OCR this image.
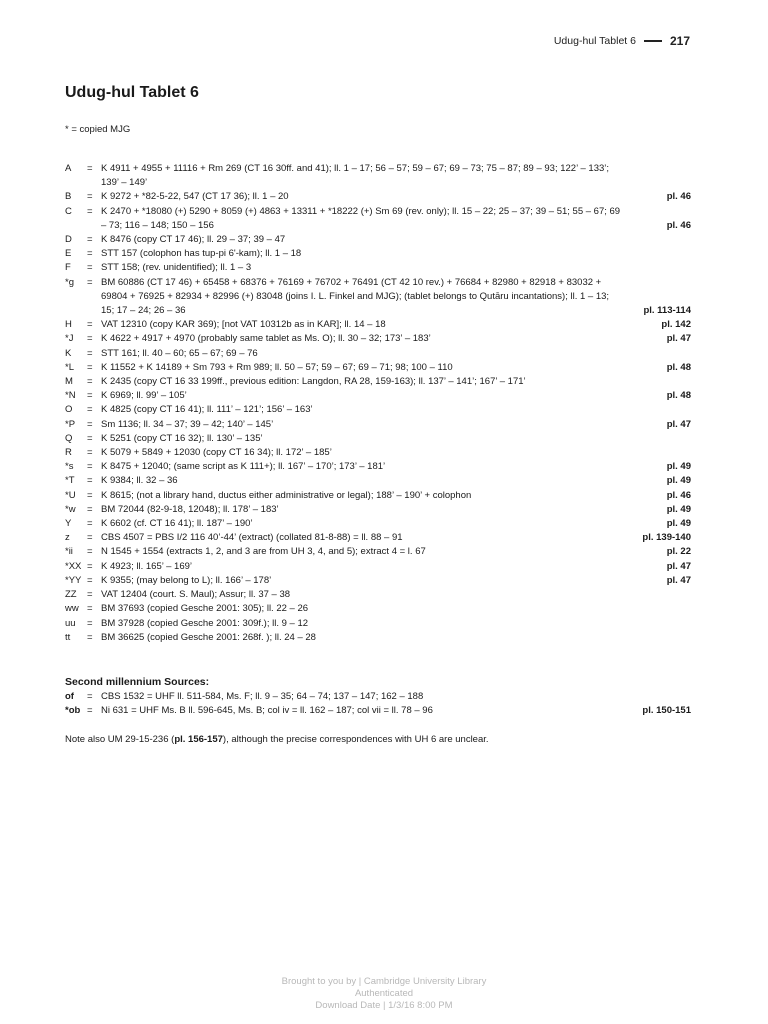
Udug-hul Tablet 6	217
Udug-hul Tablet 6
* = copied MJG
A	= K 4911 + 4955 + 11116 + Rm 269 (CT 16 30ff. and 41); ll. 1 – 17; 56 – 57; 59 – 67; 69 – 73; 75 – 87; 89 – 93; 122’ – 133’; 139’ – 149’
B	= K 9272 + *82-5-22, 547 (CT 17 36); ll. 1 – 20	pl. 46
C	= K 2470 + *18080 (+) 5290 + 8059 (+) 4863 + 13311 + *18222 (+) Sm 69 (rev. only); ll. 15 – 22; 25 – 37; 39 – 51; 55 – 67; 69 – 73; 116 – 148; 150 – 156	pl. 46
D	= K 8476 (copy CT 17 46); ll. 29 – 37; 39 – 47
E	= STT 157 (colophon has tup-pi 6ʹ-kam); ll. 1 – 18
F	= STT 158; (rev. unidentified); ll. 1 – 3
*g	= BM 60886 (CT 17 46) + 65458 + 68376 + 76169 + 76702 + 76491 (CT 42 10 rev.) + 76684 + 82980 + 82918 + 83032 + 69804 + 76925 + 82934 + 82996 (+) 83048 (joins I. L. Finkel and MJG); (tablet belongs to Qutāru incantations); ll. 1 – 13; 15; 17 – 24; 26 – 36	pl. 113-114
H	= VAT 12310 (copy KAR 369); [not VAT 10312b as in KAR]; ll. 14 – 18	pl. 142
*J	= K 4622 + 4917 + 4970 (probably same tablet as Ms. O); ll. 30 – 32; 173’ – 183’	pl. 47
K	= STT 161; ll. 40 – 60; 65 – 67; 69 – 76
*L	= K 11552 + K 14189 + Sm 793 + Rm 989; ll. 50 – 57; 59 – 67; 69 – 71; 98; 100 – 110	pl. 48
M	= K 2435 (copy CT 16 33 199ff., previous edition: Langdon, RA 28, 159-163); ll. 137’ – 141’; 167’ – 171’
*N	= K 6969; ll. 99’ – 105’	pl. 48
O	= K 4825 (copy CT 16 41); ll. 111’ – 121’; 156’ – 163’
*P	= Sm 1136; ll. 34 – 37; 39 – 42; 140’ – 145’	pl. 47
Q	= K 5251 (copy CT 16 32); ll. 130’ – 135’
R	= K 5079 + 5849 + 12030 (copy CT 16 34); ll. 172’ – 185’
*s	= K 8475 + 12040; (same script as K 111+); ll. 167’ – 170’; 173’ – 181’	pl. 49
*T	= K 9384; ll. 32 – 36	pl. 49
*U	= K 8615; (not a library hand, ductus either administrative or legal); 188’ – 190’ + colophon	pl. 46
*w	= BM 72044 (82-9-18, 12048); ll. 178’ – 183’	pl. 49
Y	= K 6602 (cf. CT 16 41); ll. 187’ – 190’	pl. 49
z	= CBS 4507 = PBS I/2 116 40’-44’ (extract) (collated 81-8-88) = ll. 88 – 91	pl. 139-140
*ii	= N 1545 + 1554 (extracts 1, 2, and 3 are from UH 3, 4, and 5); extract 4 = l. 67	pl. 22
*XX = K 4923; ll. 165’ – 169’	pl. 47
*YY = K 9355; (may belong to L); ll. 166’ – 178’	pl. 47
ZZ	= VAT 12404 (court. S. Maul); Assur; ll. 37 – 38
ww = BM 37693 (copied Gesche 2001: 305); ll. 22 – 26
uu	= BM 37928 (copied Gesche 2001: 309f.); ll. 9 – 12
tt	= BM 36625 (copied Gesche 2001: 268f. ); ll. 24 – 28
Second millennium Sources:
of	= CBS 1532 = UHF ll. 511-584, Ms. F; ll. 9 – 35; 64 – 74; 137 – 147; 162 – 188
*ob = Ni 631 = UHF Ms. B ll. 596-645, Ms. B; col iv = ll. 162 – 187; col vii = ll. 78 – 96	pl. 150-151
Note also UM 29-15-236 (pl. 156-157), although the precise correspondences with UH 6 are unclear.
Brought to you by | Cambridge University Library
Authenticated
Download Date | 1/3/16 8:00 PM
